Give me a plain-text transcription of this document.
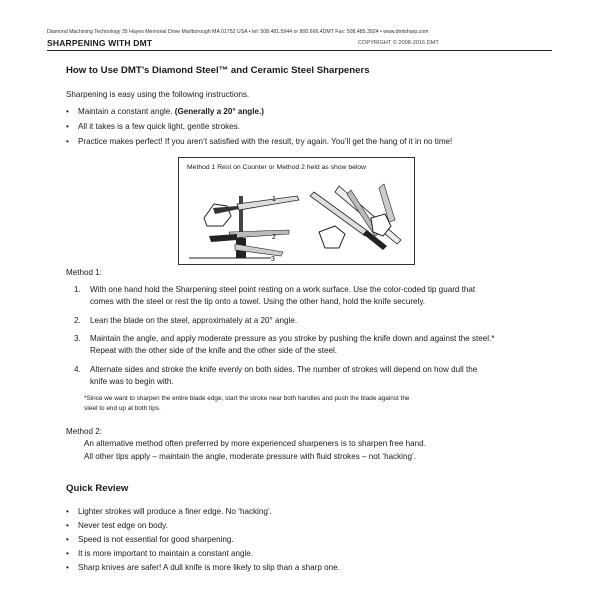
Diamond Machining Technology 35 Hayes Memorial Drive Marlborough MA 01752 USA • tel: 508.481.5944 or 800.666.4DMT Fax: 508.485.3924 • www.dmtsharp.com
SHARPENING WITH DMT	COPYRIGHT © 2008-2016 DMT
How to Use DMT’s Diamond Steel™ and Ceramic Steel Sharpeners
Sharpening is easy using the following instructions.
• Maintain a constant angle. (Generally a 20° angle.)
• All it takes is a few quick light, gentle strokes.
• Practice makes perfect! If you aren’t satisfied with the result, try again. You’ll get the hang of it in no time!
Method 1 Rest on Counter or Method 2 held as show below
1
2
3
Method 1:
1. With one hand hold the Sharpening steel point resting on a work surface. Use the color-coded tip guard that
comes with the steel or rest the tip onto a towel. Using the other hand, hold the knife securely.
2. Lean the blade on the steel, approximately at a 20° angle.
3. Maintain the angle, and apply moderate pressure as you stroke by pushing the knife down and against the steel.*
Repeat with the other side of the knife and the other side of the steel.
4. Alternate sides and stroke the knife evenly on both sides. The number of strokes will depend on how dull the
knife was to begin with.
*Since we want to sharpen the entire blade edge, start the stroke near both handles and push the blade against the
steel to end up at both tips.
Method 2:
An alternative method often preferred by more experienced sharpeners is to sharpen free hand.
All other tips apply – maintain the angle, moderate pressure with fluid strokes – not ‘hacking’.
Quick Review
• Lighter strokes will produce a finer edge. No ‘hacking’.
• Never test edge on body.
• Speed is not essential for good sharpening.
• It is more important to maintain a constant angle.
• Sharp knives are safer! A dull knife is more likely to slip than a sharp one.
